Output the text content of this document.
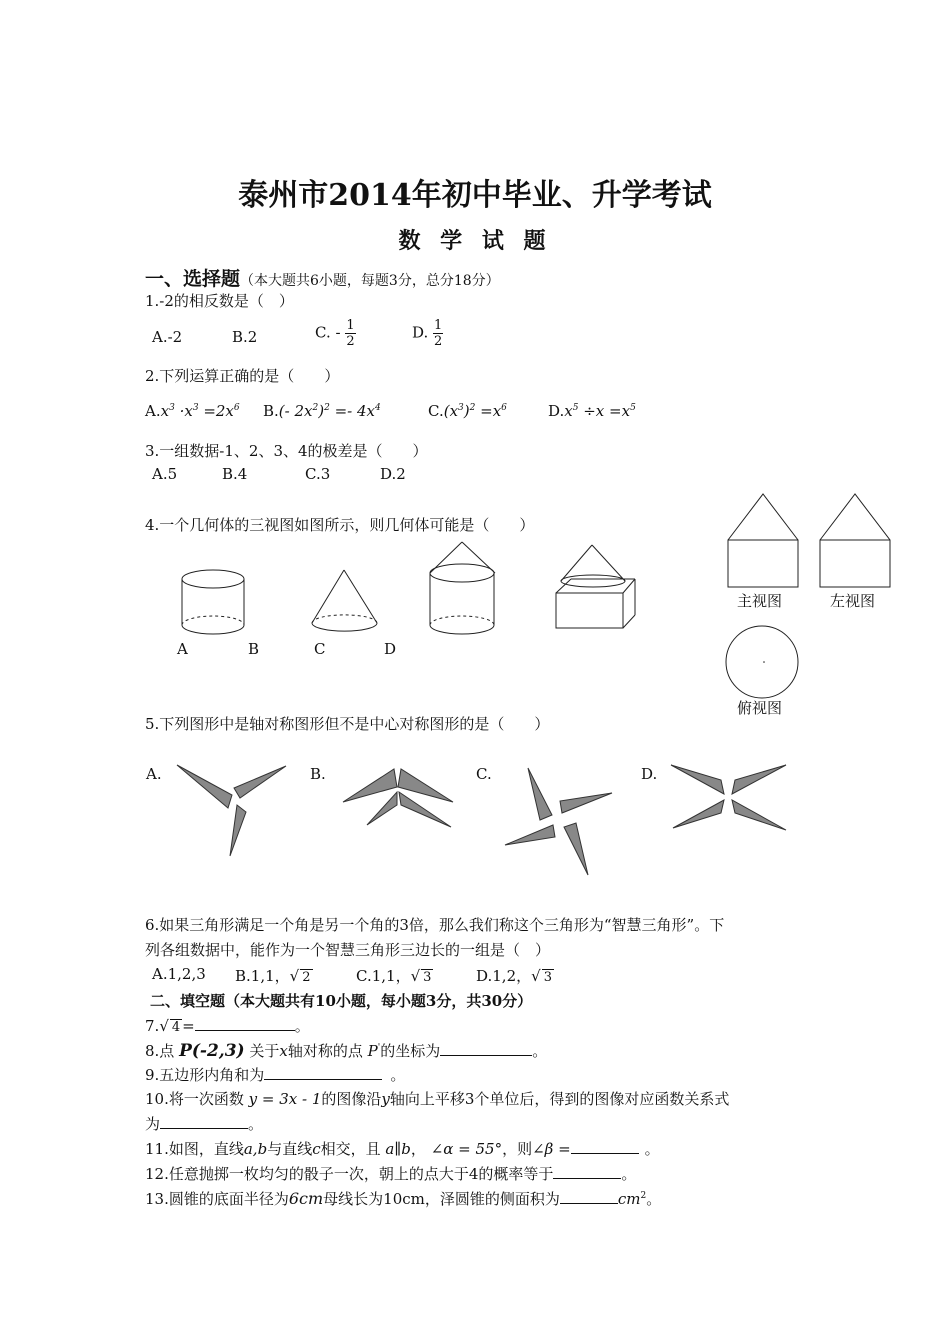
泰州市2014年初中毕业、升学考试
数 学 试 题
一、选择题（本大题共6小题，每题3分，总分18分）
1.-2的相反数是（　）
A.-2	B.2	C. - $\frac{1}{2}$	D. $\frac{1}{2}$
2.下列运算正确的是（　　）
$A.x^3 \cdot x^3 =2x^6$ B.(- $2x^2)^2 =- 4x^4$	$C.(x^3)^2 =x^6$	$D.x^5 \div x =x^5$
3.一组数据-1、2、3、4的极差是（　　）
A.5	B.4	C.3	D.2
4.一个几何体的三视图如图所示，则几何体可能是（　　）
A	B	C	D
主视图	左视图
俯视图
5.下列图形中是轴对称图形但不是中心对称图形的是（　　）
A.	B.	C.	D.
6.如果三角形满足一个角是另一个角的3倍，那么我们称这个三角形为“智慧三角形”。下
列各组数据中，能作为一个智慧三角形三边长的一组是（　）
A.1,2,3 B.1,1，√ 2	C.1,1，√ 3	D.1,2，√ 3
二、填空题（本大题共有10小题，每小题3分，共30分）
7.√ 4 =	。
8.点 P(-2,3) 关于x轴对称的点 P'的坐标为	。
9.五边形内角和为	。
10.将一次函数 y = 3x - 1的图像沿y轴向上平移3个单位后，得到的图像对应函数关系式
为	。
11.如图，直线a,b与直线c相交，且 a∥b， ∠α = 55°，则∠β =	。
12.任意抛掷一枚均匀的骰子一次，朝上的点大于4的概率等于	。
13.圆锥的底面半径为6cm母线长为10cm，泽圆锥的侧面积为	$cm^2$。
